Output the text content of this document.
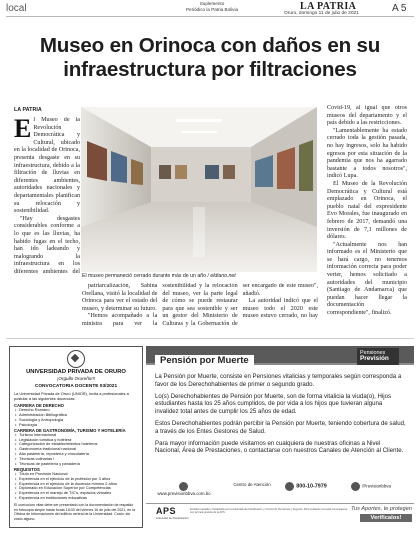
local	Suplemento
Periódico la Patria Bolivia	LA PATRIA
Oruro, domingo 11 de julio de 2021	A 5
Museo en Orinoca con daños en su infraestructura por filtraciones
LA PATRIA

El Museo de la Revolución Democrática y Cultural, ubicado en la localidad de Orinoca, presenta desgaste en su infraestructura, debido a la filtración de lluvias en diferentes ambientes, autoridades nacionales y departamentales planifican su relocación y sostenibilidad.

"Hay desgastes considerables conforme a lo que es las lluvias, ha habido fugas en el techo, han ido ladeando y malogrando la infraestructura en los diferentes ambientes del

El museo permaneció cerrado durante más de un año / eldiario.net

patriarcalización, Sabina Orellana, visitó la localidad de Orinoca para ver el estado del museo, y determinar su futuro.

"Hemos acompañado a la ministra para ver la sostenibilidad y la relocación del museo, ver la parte legal de cómo se puede restaurar para que sea sostenible y ser un gestor del Ministerio de Culturas y la Gobernación de ser encargado de este museo", añadió.

La autoridad indicó que el museo todo el 2020 este museo estuvo cerrado, no hay

Covid-19, al igual que otros museos del departamento y el país debido a las restricciones.

"Lamentablemente ha estado cerrado toda la gestión pasada, no hay ingresos, solo ha habido egresos por esta situación de la pandemia que nos ha agarrado bastante a todos nosotros", indicó Lupa.

El Museo de la Revolución Democrática y Cultural está emplazado en Orinoca, el pueblo natal del expresidente Evo Morales, fue inaugurado en febrero de 2017, demandó una inversión de 7,1 millones de dólares.

"Actualmente nos han informado es el Ministerio que se hará cargo, no tenemos información correcta para poder verter, hemos solicitado a autoridades del municipio (Santiago de Andamarca) que puedan hacer llegar la documentación correspondiente", finalizó.

UNIVERSIDAD PRIVADA DE ORURO
¡Orgullo Orureño!!!
CONVOCATORIA DOCENTE 03/2021
La Universidad Privada de Oruro (UNIOR), invita a profesionales a postular a las siguientes docencias:
CARRERA DE DERECHO
• Derecho Romano
• Administración Bibliográfica
• Sociología y Antropología
• Psicología
CARRERA DE GASTRONOMÍA, TURISMO Y HOTELERÍA
• Turismo Internacional
• Legislación turística y hotelera
• Categorización de establecimientos hoteleros
• Gastronomía tradicional nacional
• Alta pastelería, repostería y chocolatería
• Técnicas culinarias I
• Técnicas de pastelería y panadería
REQUISITOS
• Título en Provisión Nacional
• Experiencia en el ejercicio de la profesión por 3 años
• Experiencia en el ejercicio de la docencia mínimo 2 años
• Diplomado en Educación Superior por Competencias
• Experiencia en el manejo de TIC's, espacios virtuales
• Experiencia en instituciones educativas
El currículum vitae debe ser presentado con la documentación de respaldo en fotocopia simple hasta horas 18:00 del viernes 16 de julio del 2021, en la Oficina de Informaciones del edificio central de la Universidad. Costo: sin costo alguno.
Pensión por Muerte
Pensiones
Previsión

La Pensión por Muerte, consiste en Pensiones vitalicias y temporales según corresponda a favor de los Derechohabientes de primer o segundo grado.

Lo(s) Derechohabientes de Pensión por Muerte, son de forma vitalicia la viuda(o), Hijos estudiantes hasta los 25 años cumplidos, de por vida a los hijos que tuvieran alguna invalidez total antes de cumplir los 25 años de edad.

Estos Derechohabientes podrán percibir la Pensión por Muerte, teniendo cobertura de salud, a través de los Entes Gestores de Salud.

Para mayor información puede visitarnos en cualquiera de nuestras oficinas a Nivel Nacional, Área de Prestaciones, o contactarse con nuestros Canales de Atención al Cliente.

www.previsionbbva.com.bo
Centro de Atención	800-10-7979	/Previsionbbva
APS
Autoridad de Fiscalización
Entidad regulada y fiscalizada por la Autoridad de Fiscalización y Control de Pensiones y Seguros. Para cualquier consulta comuníquese con la línea gratuita de la APS.
Tus Aportes, te protegen
Verificalos!
